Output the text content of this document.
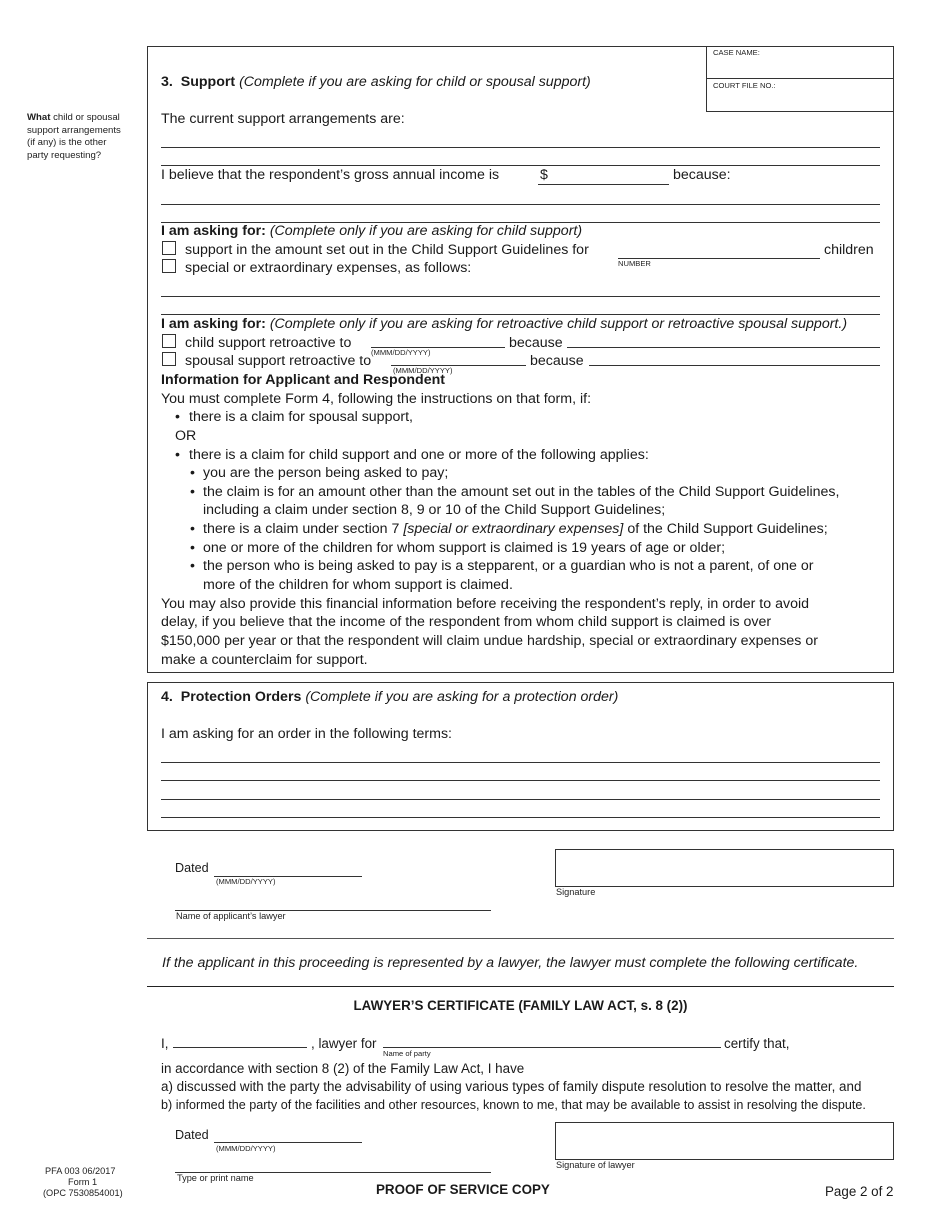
What child or spousal support arrangements (if any) is the other party requesting?
CASE NAME:
COURT FILE NO.:
3. Support (Complete if you are asking for child or spousal support)
The current support arrangements are:
I believe that the respondent’s gross annual income is	$	because:
I am asking for: (Complete only if you are asking for child support)
support in the amount set out in the Child Support Guidelines for
NUMBER
children
special or extraordinary expenses, as follows:
I am asking for: (Complete only if you are asking for retroactive child support or retroactive spousal support.)
child support retroactive to
(MMM/DD/YYYY)
because
spousal support retroactive to
(MMM/DD/YYYY)
because
Information for Applicant and Respondent
You must complete Form 4, following the instructions on that form, if:
• there is a claim for spousal support,
OR
• there is a claim for child support and one or more of the following applies:
• you are the person being asked to pay;
• the claim is for an amount other than the amount set out in the tables of the Child Support Guidelines,
including a claim under section 8, 9 or 10 of the Child Support Guidelines;
• there is a claim under section 7 [special or extraordinary expenses] of the Child Support Guidelines;
• one or more of the children for whom support is claimed is 19 years of age or older;
• the person who is being asked to pay is a stepparent, or a guardian who is not a parent, of one or
more of the children for whom support is claimed.
You may also provide this financial information before receiving the respondent’s reply, in order to avoid
delay, if you believe that the income of the respondent from whom child support is claimed is over
$150,000 per year or that the respondent will claim undue hardship, special or extraordinary expenses or
make a counterclaim for support.
4. Protection Orders (Complete if you are asking for a protection order)
I am asking for an order in the following terms:
Dated
(MMM/DD/YYYY)
Signature
Name of applicant’s lawyer
If the applicant in this proceeding is represented by a lawyer, the lawyer must complete the following certificate.
LAWYER’S CERTIFICATE (FAMILY LAW ACT, s. 8 (2))
I,	, lawyer for
Name of party
certify that,
in accordance with section 8 (2) of the Family Law Act, I have
a) discussed with the party the advisability of using various types of family dispute resolution to resolve the matter, and
b) informed the party of the facilities and other resources, known to me, that may be available to assist in resolving the dispute.
Dated
(MMM/DD/YYYY)
Signature of lawyer
Type or print name
PFA 003 06/2017
Form 1
(OPC 7530854001)	PROOF OF SERVICE COPY	Page 2 of 2
